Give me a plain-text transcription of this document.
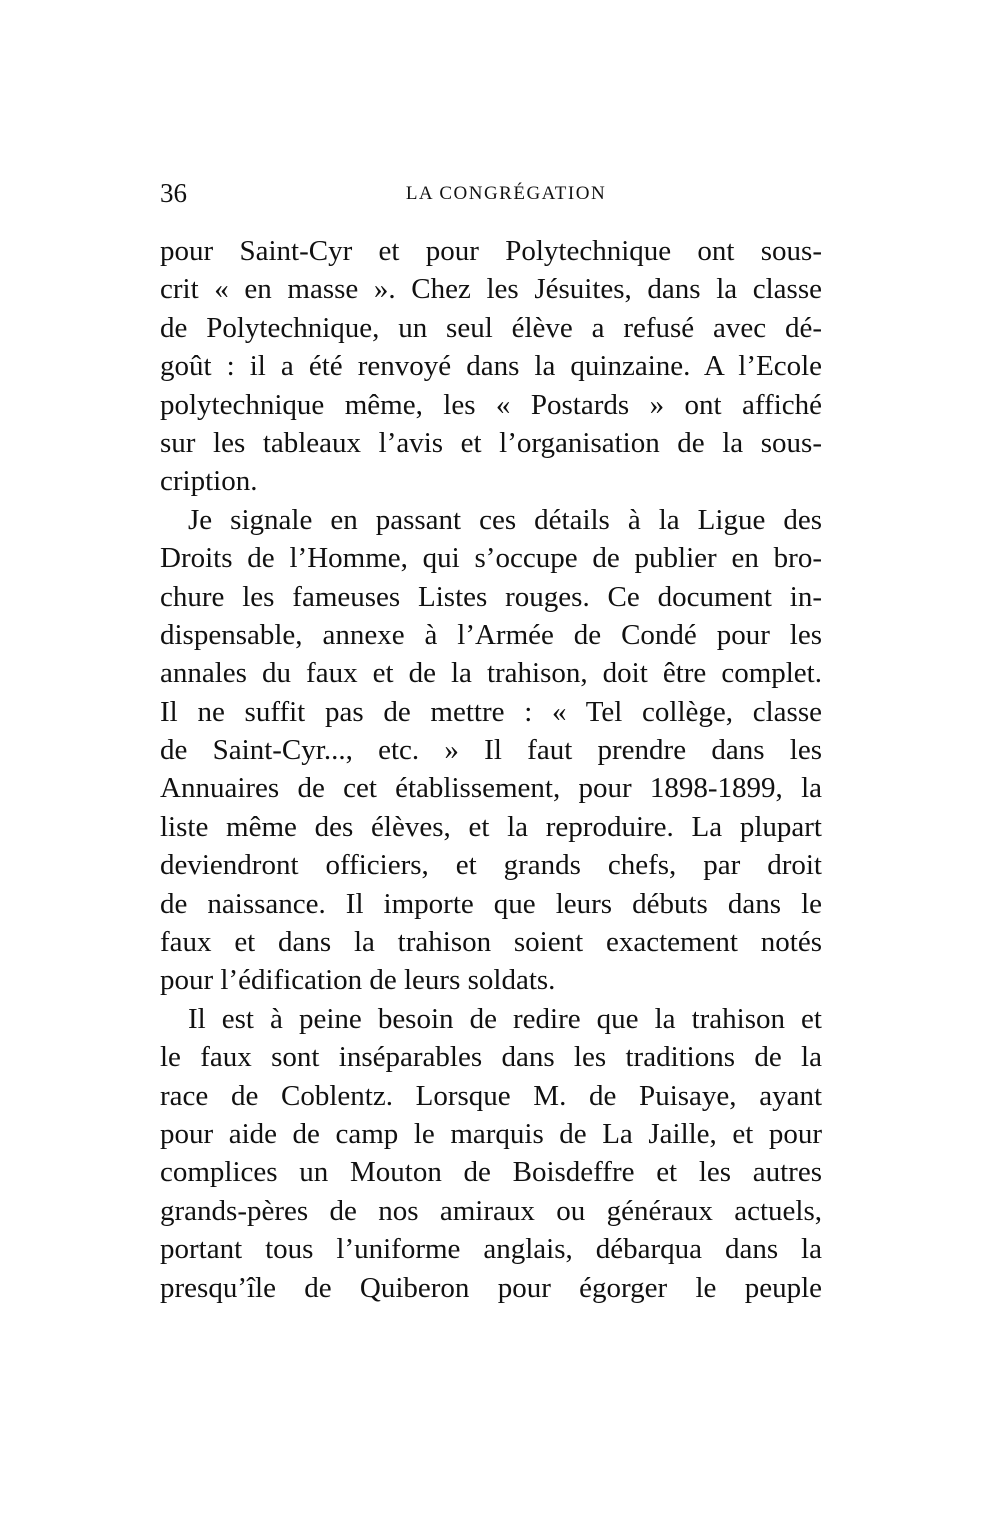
36	LA CONGRÉGATION
pour Saint-Cyr et pour Polytechnique ont sous-
crit « en masse ». Chez les Jésuites, dans la classe
de Polytechnique, un seul élève a refusé avec dé-
goût : il a été renvoyé dans la quinzaine. A l’Ecole
polytechnique même, les « Postards » ont affiché
sur les tableaux l’avis et l’organisation de la sous-
cription.
Je signale en passant ces détails à la Ligue des
Droits de l’Homme, qui s’occupe de publier en bro-
chure les fameuses Listes rouges. Ce document in-
dispensable, annexe à l’Armée de Condé pour les
annales du faux et de la trahison, doit être complet.
Il ne suffit pas de mettre : « Tel collège, classe
de Saint-Cyr..., etc. » Il faut prendre dans les
Annuaires de cet établissement, pour 1898-1899, la
liste même des élèves, et la reproduire. La plupart
deviendront officiers, et grands chefs, par droit
de naissance. Il importe que leurs débuts dans le
faux et dans la trahison soient exactement notés
pour l’édification de leurs soldats.
Il est à peine besoin de redire que la trahison et
le faux sont inséparables dans les traditions de la
race de Coblentz. Lorsque M. de Puisaye, ayant
pour aide de camp le marquis de La Jaille, et pour
complices un Mouton de Boisdeffre et les autres
grands-pères de nos amiraux ou généraux actuels,
portant tous l’uniforme anglais, débarqua dans la
presqu’île de Quiberon pour égorger le peuple
